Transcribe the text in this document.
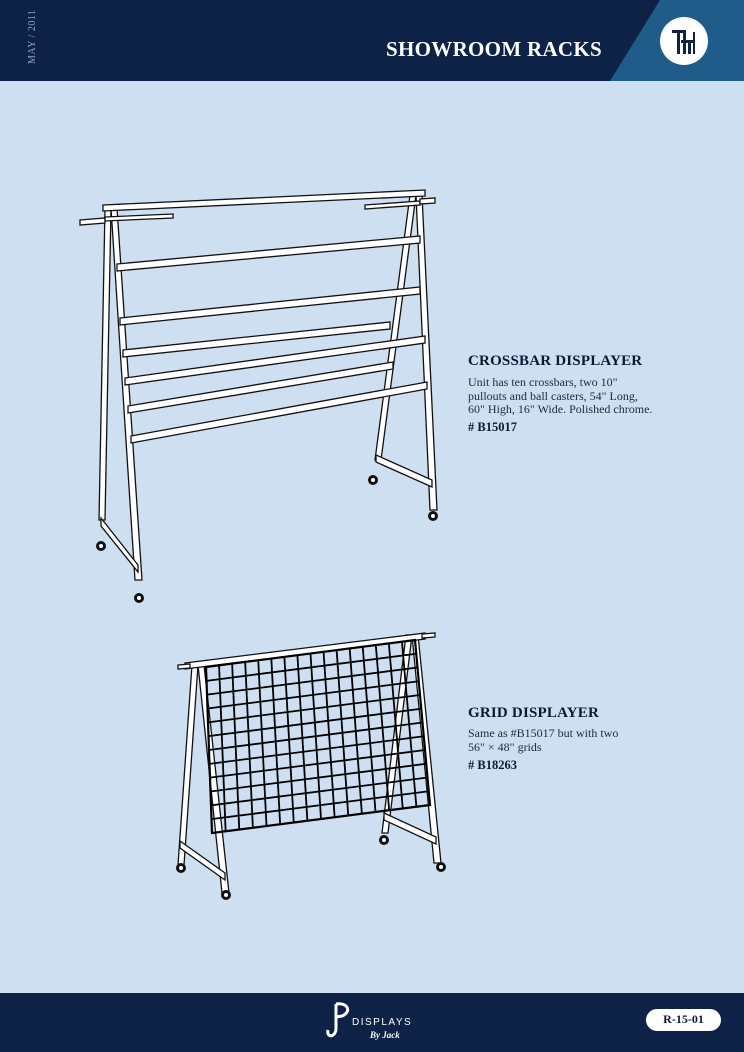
MAY / 2011	SHOWROOM RACKS
CROSSBAR DISPLAYER
Unit has ten crossbars, two 10"
pullouts and ball casters, 54" Long,
60" High, 16" Wide. Polished chrome.
# B15017
GRID DISPLAYER
Same as #B15017 but with two
56" × 48" grids
# B18263
DISPLAYS
By Jack
R-15-01
